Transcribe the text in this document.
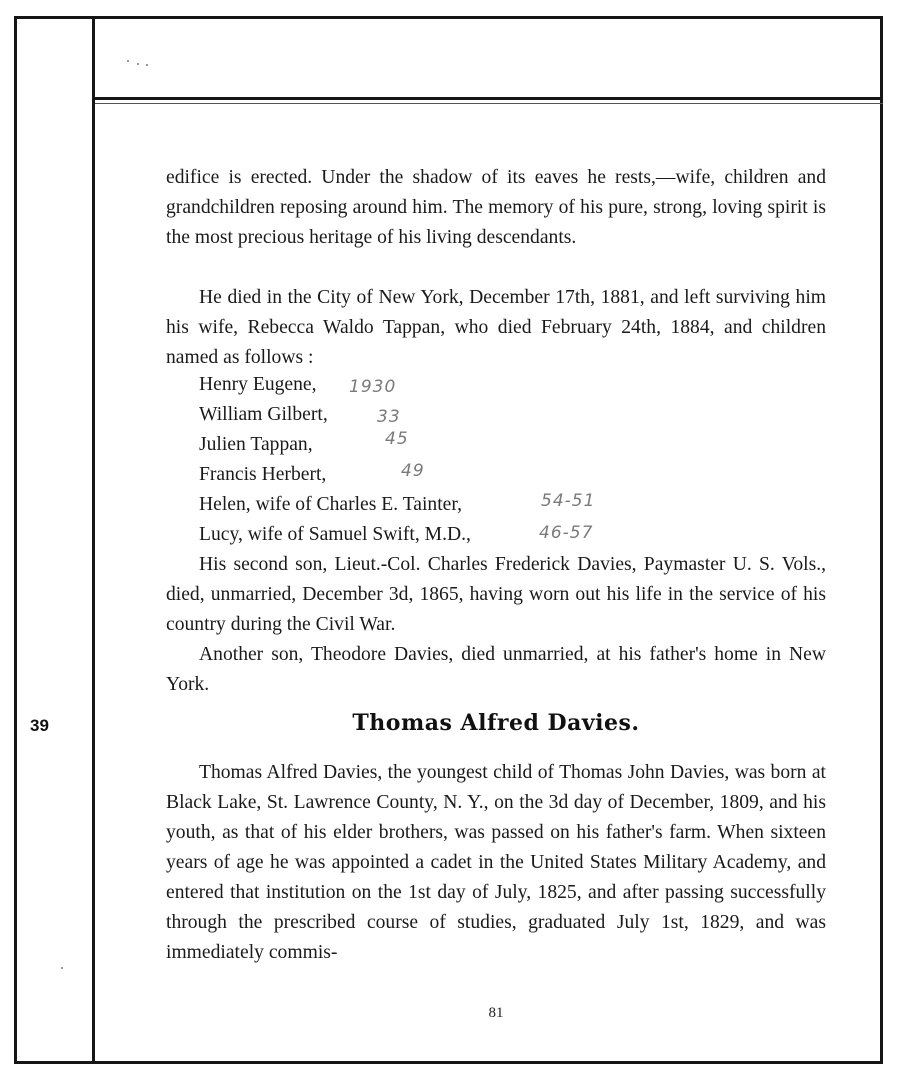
39

edifice is erected. Under the shadow of its eaves he rests,—wife, children and grandchildren reposing around him. The memory of his pure, strong, loving spirit is the most precious heritage of his living descendants.

He died in the City of New York, December 17th, 1881, and left surviving him his wife, Rebecca Waldo Tappan, who died February 24th, 1884, and children named as follows :

Henry Eugene, 1930
William Gilbert,	33
Julien Tappan,	45
Francis Herbert,	49
Helen, wife of Charles E. Tainter,	54-51
Lucy, wife of Samuel Swift, M.D.,	46-57

His second son, Lieut.-Col. Charles Frederick Davies, Paymaster U. S. Vols., died, unmarried, December 3d, 1865, having worn out his life in the service of his country during the Civil War.

Another son, Theodore Davies, died unmarried, at his father's home in New York.

Thomas Alfred Davies.

Thomas Alfred Davies, the youngest child of Thomas John Davies, was born at Black Lake, St. Lawrence County, N. Y., on the 3d day of December, 1809, and his youth, as that of his elder brothers, was passed on his father's farm. When sixteen years of age he was appointed a cadet in the United States Military Academy, and entered that institution on the 1st day of July, 1825, and after passing successfully through the prescribed course of studies, graduated July 1st, 1829, and was immediately commis-

81
